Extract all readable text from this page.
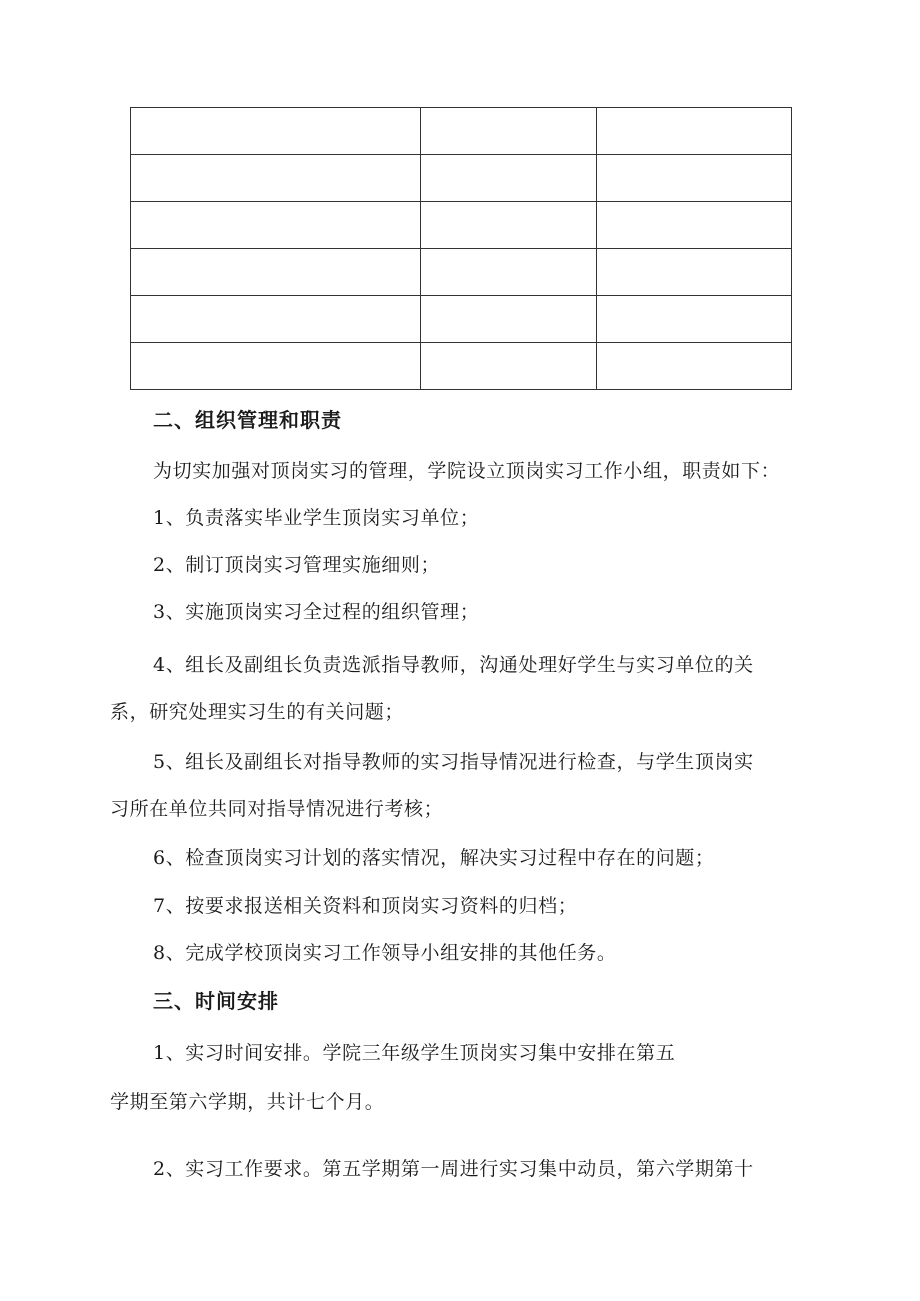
二、组织管理和职责

为切实加强对顶岗实习的管理，学院设立顶岗实习工作小组，职责如下：

1、负责落实毕业学生顶岗实习单位；

2、制订顶岗实习管理实施细则；

3、实施顶岗实习全过程的组织管理；

4、组长及副组长负责选派指导教师，沟通处理好学生与实习单位的关

系，研究处理实习生的有关问题；

5、组长及副组长对指导教师的实习指导情况进行检查，与学生顶岗实

习所在单位共同对指导情况进行考核；

6、检查顶岗实习计划的落实情况，解决实习过程中存在的问题；

7、按要求报送相关资料和顶岗实习资料的归档；

8、完成学校顶岗实习工作领导小组安排的其他任务。

三、时间安排

1、实习时间安排。学院三年级学生顶岗实习集中安排在第五

学期至第六学期，共计七个月。

2、实习工作要求。第五学期第一周进行实习集中动员，第六学期第十
